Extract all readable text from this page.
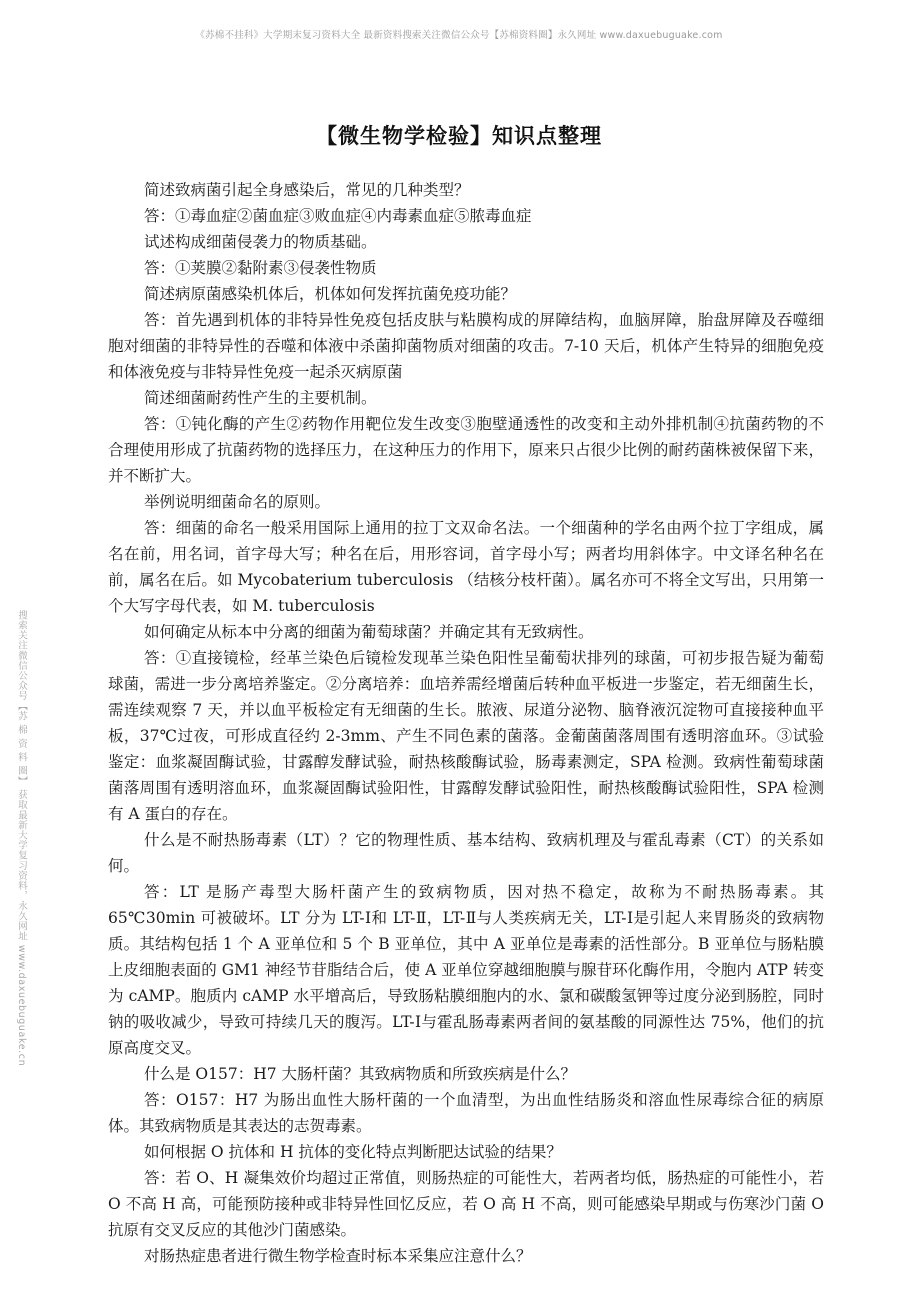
《苏棉不挂科》大学期末复习资料大全 最新资料搜索关注微信公众号【苏棉资料圈】永久网址 www.daxuebuguake.com
搜索关注微信公众号【苏 棉 资 料 圈】 获取最新大学复习资料，永久网址 www.daxuebuguake.cn
【微生物学检验】知识点整理

简述致病菌引起全身感染后，常见的几种类型？

答：①毒血症②菌血症③败血症④内毒素血症⑤脓毒血症

试述构成细菌侵袭力的物质基础。

答：①荚膜②黏附素③侵袭性物质

简述病原菌感染机体后，机体如何发挥抗菌免疫功能？

答：首先遇到机体的非特异性免疫包括皮肤与粘膜构成的屏障结构，血脑屏障，胎盘屏障及吞噬细胞对细菌的非特异性的吞噬和体液中杀菌抑菌物质对细菌的攻击。7-10 天后，机体产生特异的细胞免疫和体液免疫与非特异性免疫一起杀灭病原菌

简述细菌耐药性产生的主要机制。

答：①钝化酶的产生②药物作用靶位发生改变③胞壁通透性的改变和主动外排机制④抗菌药物的不合理使用形成了抗菌药物的选择压力，在这种压力的作用下，原来只占很少比例的耐药菌株被保留下来，并不断扩大。

举例说明细菌命名的原则。

答：细菌的命名一般采用国际上通用的拉丁文双命名法。一个细菌种的学名由两个拉丁字组成，属名在前，用名词，首字母大写；种名在后，用形容词，首字母小写；两者均用斜体字。中文译名种名在前，属名在后。如 Mycobaterium tuberculosis （结核分枝杆菌）。属名亦可不将全文写出，只用第一个大写字母代表，如 M. tuberculosis

如何确定从标本中分离的细菌为葡萄球菌？并确定其有无致病性。

答：①直接镜检，经革兰染色后镜检发现革兰染色阳性呈葡萄状排列的球菌，可初步报告疑为葡萄球菌，需进一步分离培养鉴定。②分离培养：血培养需经增菌后转种血平板进一步鉴定，若无细菌生长，需连续观察 7 天，并以血平板检定有无细菌的生长。脓液、尿道分泌物、脑脊液沉淀物可直接接种血平板，37℃过夜，可形成直径约 2-3mm、产生不同色素的菌落。金葡菌菌落周围有透明溶血环。③试验鉴定：血浆凝固酶试验，甘露醇发酵试验，耐热核酸酶试验，肠毒素测定，SPA 检测。致病性葡萄球菌菌落周围有透明溶血环，血浆凝固酶试验阳性，甘露醇发酵试验阳性，耐热核酸酶试验阳性，SPA 检测有 A 蛋白的存在。

什么是不耐热肠毒素（LT）？它的物理性质、基本结构、致病机理及与霍乱毒素（CT）的关系如何。

答：LT 是肠产毒型大肠杆菌产生的致病物质，因对热不稳定，故称为不耐热肠毒素。其 65℃30min 可被破坏。LT 分为 LT-Ⅰ和 LT-Ⅱ，LT-Ⅱ与人类疾病无关，LT-Ⅰ是引起人来胃肠炎的致病物质。其结构包括 1 个 A 亚单位和 5 个 B 亚单位，其中 A 亚单位是毒素的活性部分。B 亚单位与肠粘膜上皮细胞表面的 GM1 神经节苷脂结合后，使 A 亚单位穿越细胞膜与腺苷环化酶作用，令胞内 ATP 转变为 cAMP。胞质内 cAMP 水平增高后，导致肠粘膜细胞内的水、氯和碳酸氢钾等过度分泌到肠腔，同时钠的吸收减少，导致可持续几天的腹泻。LT-Ⅰ与霍乱肠毒素两者间的氨基酸的同源性达 75%，他们的抗原高度交叉。

什么是 O157：H7 大肠杆菌？其致病物质和所致疾病是什么？

答：O157：H7 为肠出血性大肠杆菌的一个血清型，为出血性结肠炎和溶血性尿毒综合征的病原体。其致病物质是其表达的志贺毒素。

如何根据 O 抗体和 H 抗体的变化特点判断肥达试验的结果？

答：若 O、H 凝集效价均超过正常值，则肠热症的可能性大，若两者均低，肠热症的可能性小，若 O 不高 H 高，可能预防接种或非特异性回忆反应，若 O 高 H 不高，则可能感染早期或与伤寒沙门菌 O 抗原有交叉反应的其他沙门菌感染。

对肠热症患者进行微生物学检查时标本采集应注意什么？
